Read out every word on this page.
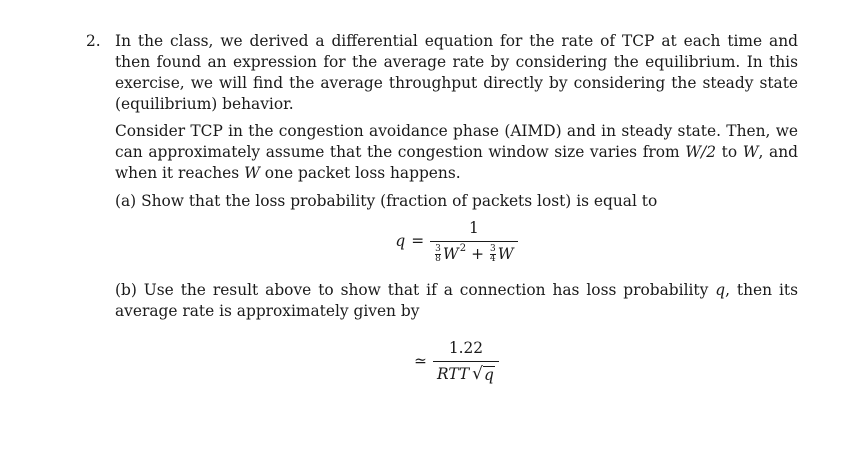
2. In the class, we derived a differential equation for the rate of TCP at each time and then found an expression for the average rate by considering the equilibrium. In this exercise, we will find the average throughput directly by considering the steady state (equilibrium) behavior.

Consider TCP in the congestion avoidance phase (AIMD) and in steady state. Then, we can approximately assume that the congestion window size varies from W/2 to W, and when it reaches W one packet loss happens.

(a) Show that the loss probability (fraction of packets lost) is equal to

q =
1
$\frac{3}{8}$ W $2 + \frac{3}{4}$ W

(b) Use the result above to show that if a connection has loss probability q, then its average rate is approximately given by

≃ $\frac{1.22}{\text{RTT √ q}}$
